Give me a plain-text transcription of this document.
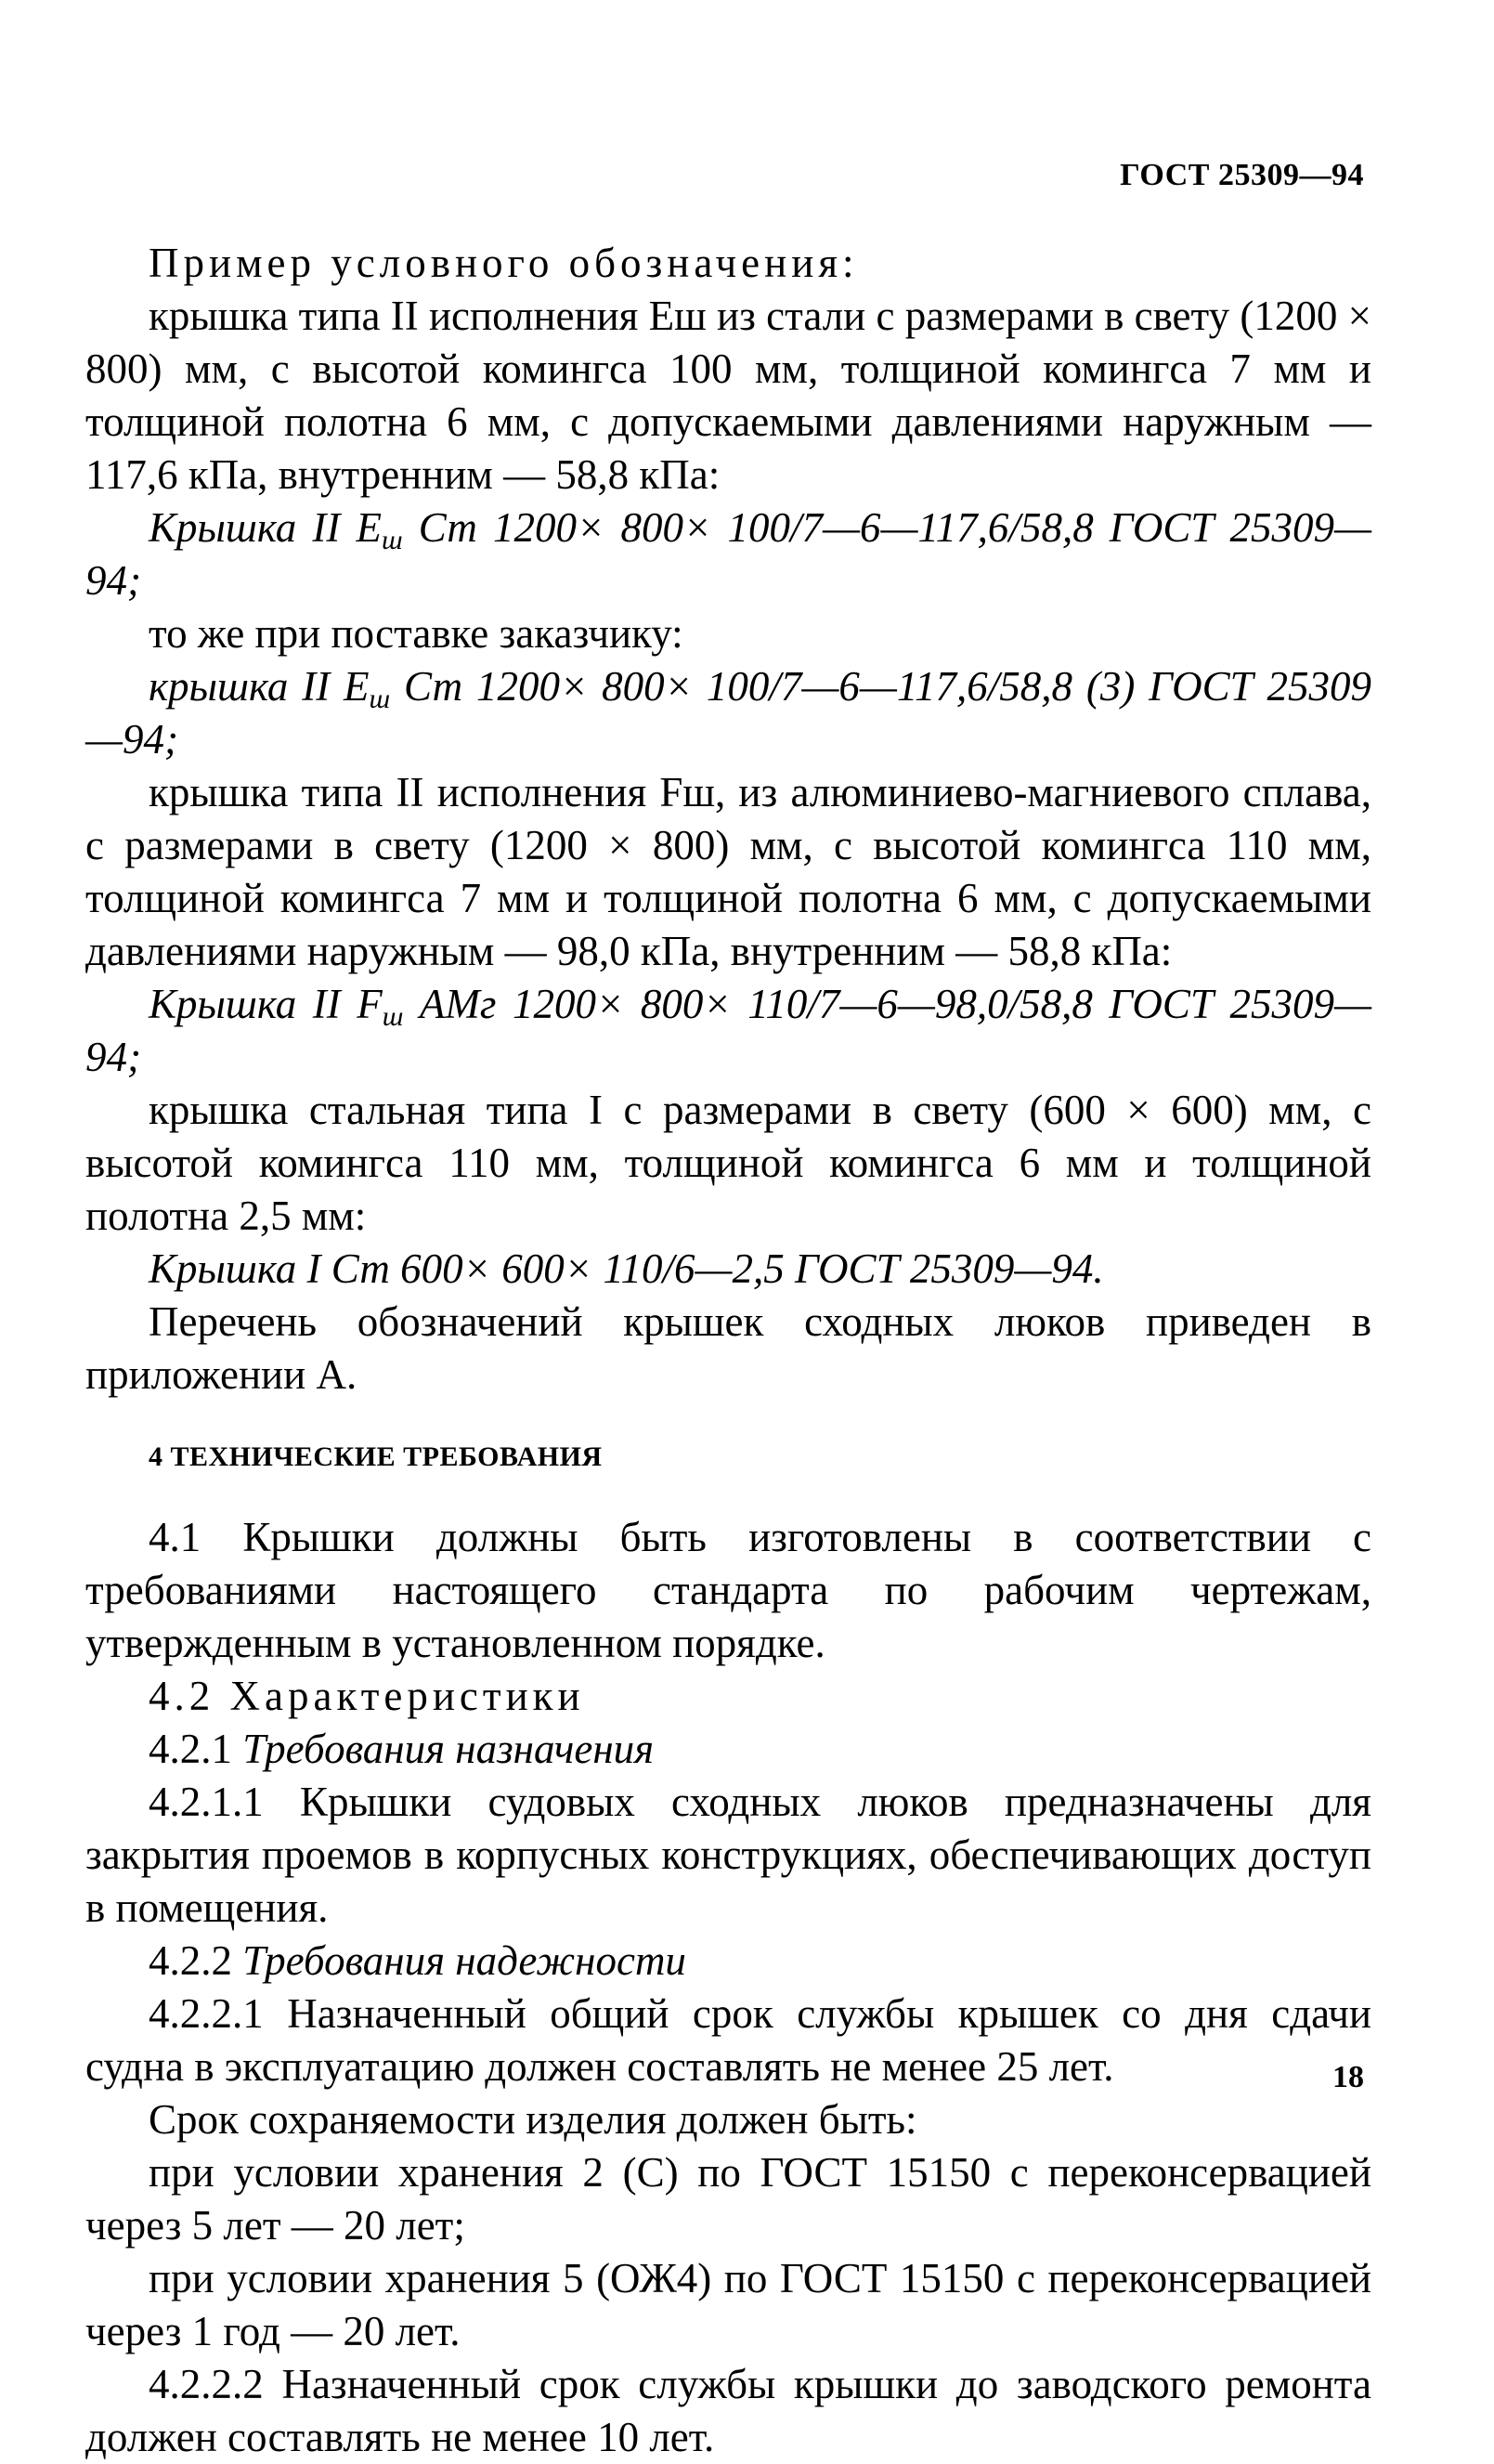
ГОСТ 25309—94

Пример условного обозначения:

крышка типа II исполнения Еш из стали с размерами в свету (1200 × 800) мм, с высотой комингса 100 мм, толщиной комингса 7 мм и толщиной полотна 6 мм, с допускаемыми давлениями наружным — 117,6 кПа, внутренним — 58,8 кПа:

Крышка II $E_ш$ Ст 1200× 800× 100/7—6—117,6/58,8 ГОСТ 25309—94;

то же при поставке заказчику:

крышка II $E_ш$ Ст 1200× 800× 100/7—6—117,6/58,8 (3) ГОСТ 25309—94;

крышка типа II исполнения Fш, из алюминиево-магниевого сплава, с размерами в свету (1200 × 800) мм, с высотой комингса 110 мм, толщиной комингса 7 мм и толщиной полотна 6 мм, с допускаемыми давлениями наружным — 98,0 кПа, внутренним — 58,8 кПа:

Крышка II $F_ш$ АМг 1200× 800× 110/7—6—98,0/58,8 ГОСТ 25309—94;

крышка стальная типа I с размерами в свету (600 × 600) мм, с высотой комингса 110 мм, толщиной комингса 6 мм и толщиной полотна 2,5 мм:

Крышка I Ст 600× 600× 110/6—2,5 ГОСТ 25309—94.

Перечень обозначений крышек сходных люков приведен в приложении А.

4 ТЕХНИЧЕСКИЕ ТРЕБОВАНИЯ

4.1 Крышки должны быть изготовлены в соответствии с требованиями настоящего стандарта по рабочим чертежам, утвержденным в установленном порядке.

4.2 Характеристики

4.2.1 Требования назначения

4.2.1.1 Крышки судовых сходных люков предназначены для закрытия проемов в корпусных конструкциях, обеспечивающих доступ в помещения.

4.2.2 Требования надежности

4.2.2.1 Назначенный общий срок службы крышек со дня сдачи судна в эксплуатацию должен составлять не менее 25 лет.

Срок сохраняемости изделия должен быть:

при условии хранения 2 (С) по ГОСТ 15150 с переконсервацией через 5 лет — 20 лет;

при условии хранения 5 (ОЖ4) по ГОСТ 15150 с переконсервацией через 1 год — 20 лет.

4.2.2.2 Назначенный срок службы крышки до заводского ремонта должен составлять не менее 10 лет.

18
